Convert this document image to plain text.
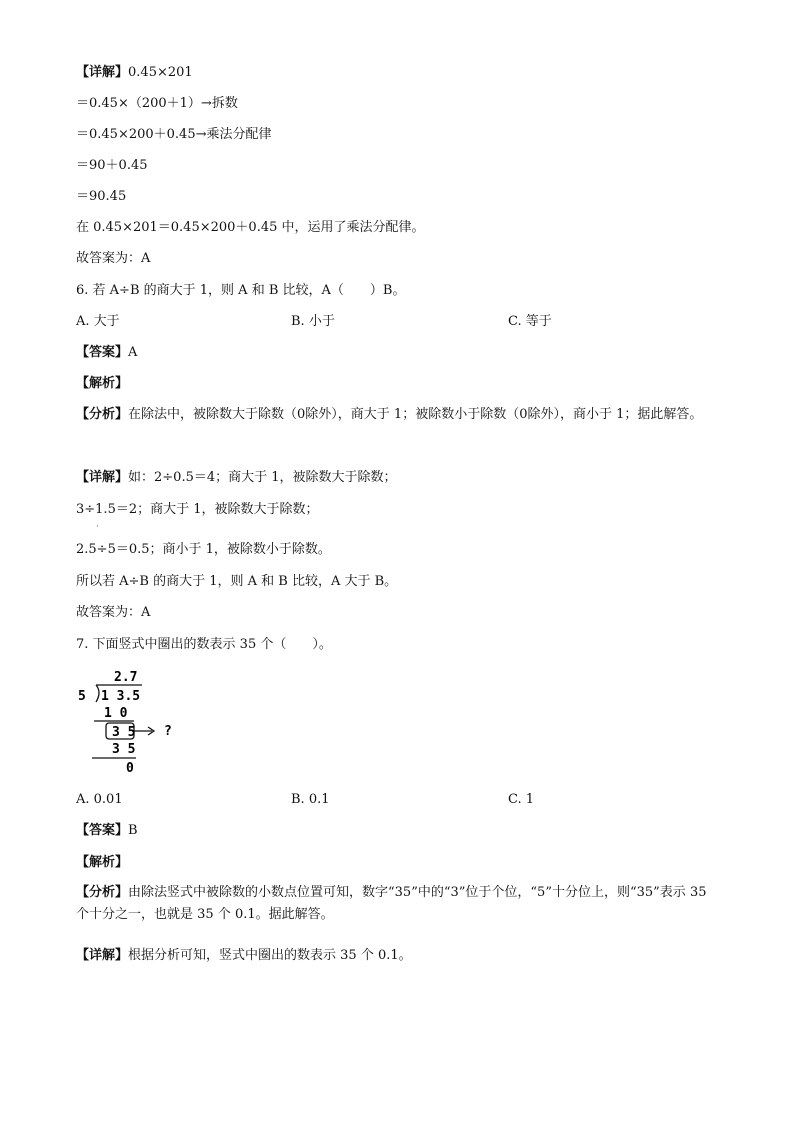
【详解】0.45×201
＝0.45×（200＋1）→拆数
＝0.45×200＋0.45→乘法分配律
＝90＋0.45
＝90.45
在 0.45×201＝0.45×200＋0.45 中，运用了乘法分配律。
故答案为：A
6. 若 A÷B 的商大于 1，则 A 和 B 比较，A（　　）B。
A. 大于	B. 小于	C. 等于
【答案】A
【解析】
【分析】在除法中，被除数大于除数（0除外），商大于 1；被除数小于除数（0除外），商小于 1；据此解答。
【详解】如：2÷0.5＝4；商大于 1，被除数大于除数；
3÷1.5＝2；商大于 1，被除数大于除数；
·
2.5÷5＝0.5；商小于 1，被除数小于除数。
所以若 A÷B 的商大于 1，则 A 和 B 比较，A 大于 B。
故答案为：A
7. 下面竖式中圈出的数表示 35 个（　　）。
2.7
5 1 3.5
1 0
3 5 ?
3 5
0
A. 0.01	B. 0.1	C. 1
【答案】B
【解析】
【分析】由除法竖式中被除数的小数点位置可知，数字“35”中的“3”位于个位，“5”十分位上，则“35”表示 35 个十分之一，也就是 35 个 0.1。据此解答。
【详解】根据分析可知，竖式中圈出的数表示 35 个 0.1。
